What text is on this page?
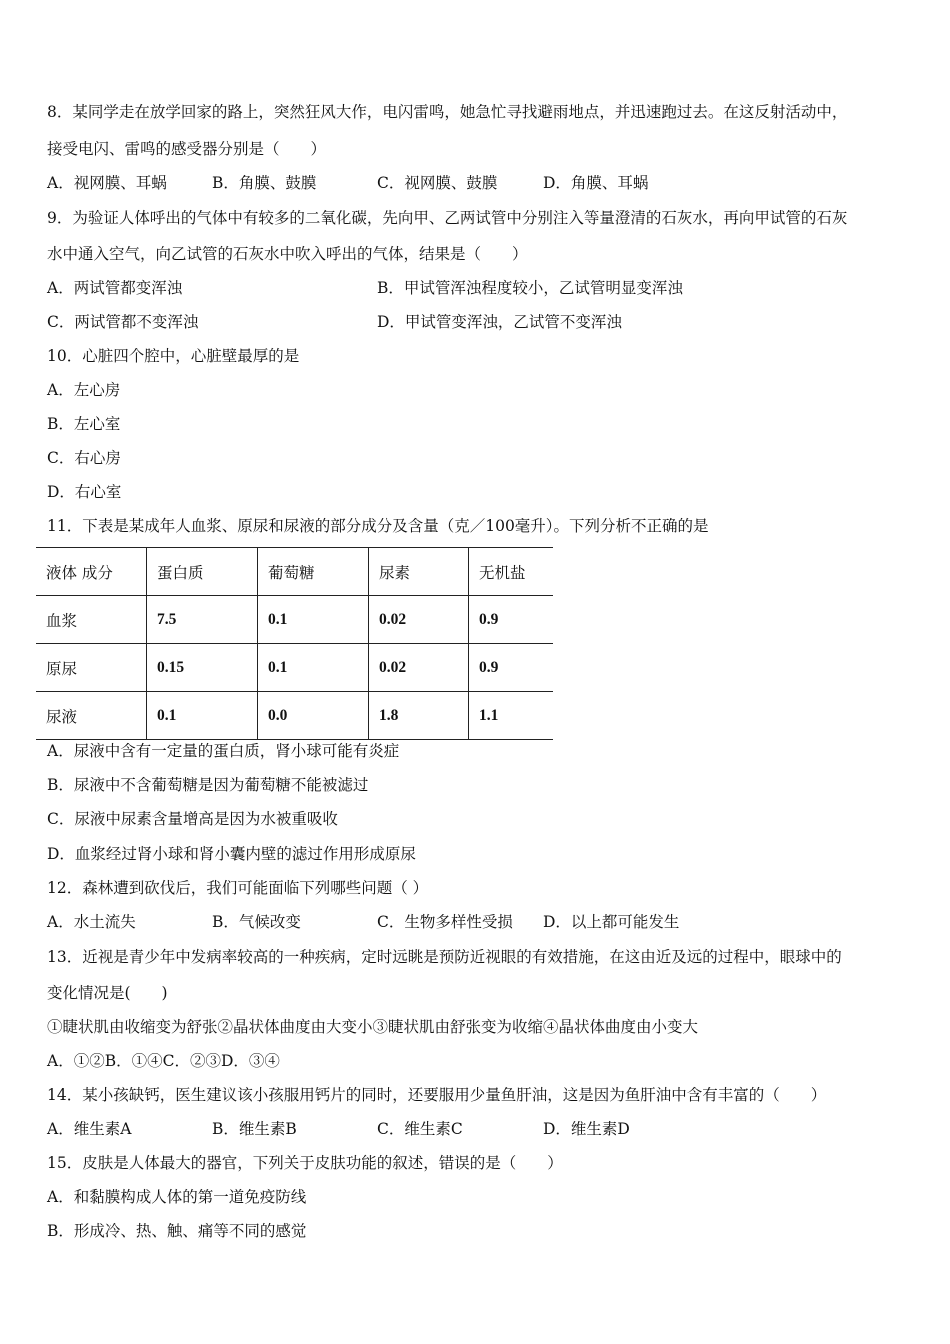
8．某同学走在放学回家的路上，突然狂风大作，电闪雷鸣，她急忙寻找避雨地点，并迅速跑过去。在这反射活动中，
接受电闪、雷鸣的感受器分别是（　　）
A．视网膜、耳蜗	B．角膜、鼓膜	C．视网膜、鼓膜	D．角膜、耳蜗
9．为验证人体呼出的气体中有较多的二氧化碳，先向甲、乙两试管中分别注入等量澄清的石灰水，再向甲试管的石灰
水中通入空气，向乙试管的石灰水中吹入呼出的气体，结果是（　　）
A．两试管都变浑浊	B．甲试管浑浊程度较小，乙试管明显变浑浊
C．两试管都不变浑浊	D．甲试管变浑浊，乙试管不变浑浊
10．心脏四个腔中，心脏壁最厚的是
A．左心房
B．左心室
C．右心房
D．右心室
11．下表是某成年人血浆、原尿和尿液的部分成分及含量（克／100毫升）。下列分析不正确的是
液体 成分	蛋白质	葡萄糖	尿素	无机盐
血浆	7.5	0.1	0.02	0.9
原尿	0.15	0.1	0.02	0.9
尿液	0.1	0.0	1.8	1.1
A．尿液中含有一定量的蛋白质，肾小球可能有炎症
B．尿液中不含葡萄糖是因为葡萄糖不能被滤过
C．尿液中尿素含量增高是因为水被重吸收
D．血浆经过肾小球和肾小囊内壁的滤过作用形成原尿
12．森林遭到砍伐后，我们可能面临下列哪些问题（ ）
A．水土流失	B．气候改变	C．生物多样性受损 D．以上都可能发生
13．近视是青少年中发病率较高的一种疾病，定时远眺是预防近视眼的有效措施，在这由近及远的过程中，眼球中的
变化情况是(　　)
①睫状肌由收缩变为舒张②晶状体曲度由大变小③睫状肌由舒张变为收缩④晶状体曲度由小变大
A．①②B．①④C．②③D．③④
14．某小孩缺钙，医生建议该小孩服用钙片的同时，还要服用少量鱼肝油，这是因为鱼肝油中含有丰富的（　　）
A．维生素A	B．维生素B	C．维生素C	D．维生素D
15．皮肤是人体最大的器官，下列关于皮肤功能的叙述，错误的是（　　）
A．和黏膜构成人体的第一道免疫防线
B．形成冷、热、触、痛等不同的感觉
